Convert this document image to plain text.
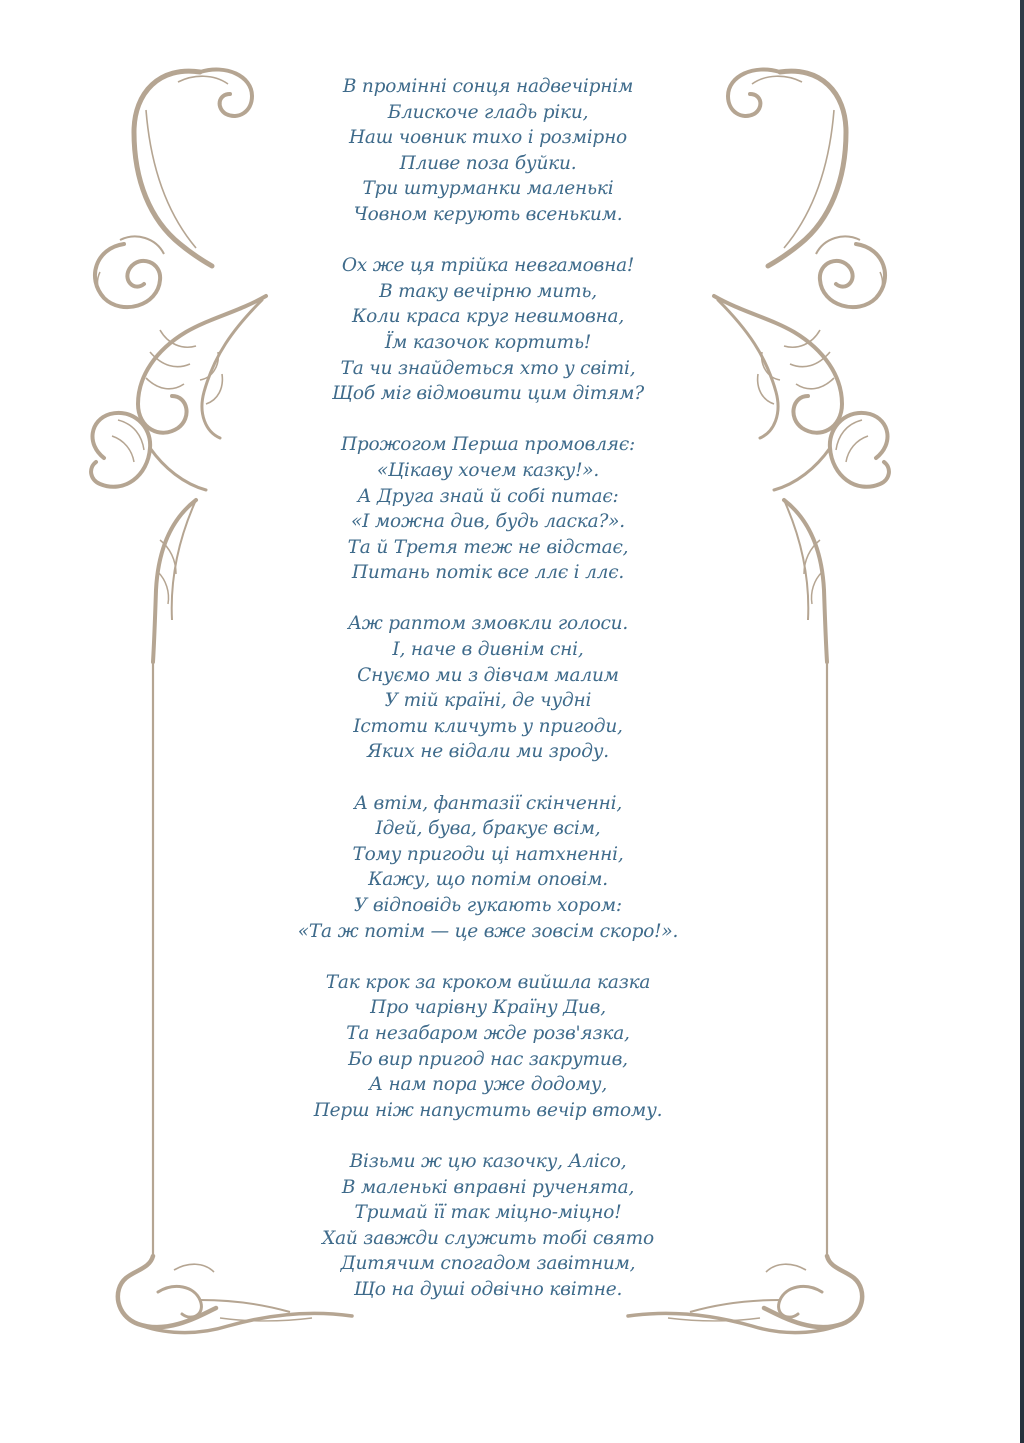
В промінні сонця надвечірнім
Блискоче гладь ріки,
Наш човник тихо і розмірно
Пливе поза буйки.
Три штурманки маленькі
Човном керують всеньким.
Ох же ця трійка невгамовна!
В таку вечірню мить,
Коли краса круг невимовна,
Їм казочок кортить!
Та чи знайдеться хто у світі,
Щоб міг відмовити цим дітям?
Прожогом Перша промовляє:
«Цікаву хочем казку!».
А Друга знай й собі питає:
«І можна див, будь ласка?».
Та й Третя теж не відстає,
Питань потік все ллє і ллє.
Аж раптом змовкли голоси.
І, наче в дивнім сні,
Снуємо ми з дівчам малим
У тій країні, де чудні
Істоти кличуть у пригоди,
Яких не відали ми зроду.
А втім, фантазії скінченні,
Ідей, бува, бракує всім,
Тому пригоди ці натхненні,
Кажу, що потім оповім.
У відповідь гукають хором:
«Та ж потім — це вже зовсім скоро!».
Так крок за кроком вийшла казка
Про чарівну Країну Див,
Та незабаром жде розв'язка,
Бо вир пригод нас закрутив,
А нам пора уже додому,
Перш ніж напустить вечір втому.
Візьми ж цю казочку, Алісо,
В маленькі вправні рученята,
Тримай її так міцно-міцно!
Хай завжди служить тобі свято
Дитячим спогадом завітним,
Що на душі одвічно квітне.
